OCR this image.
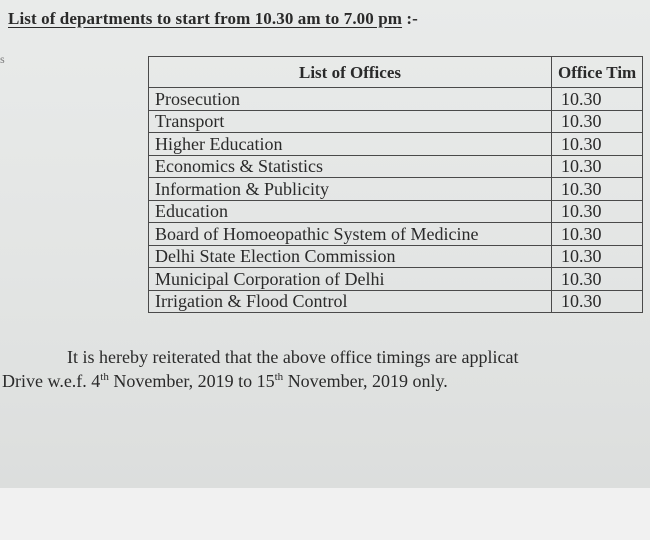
s
List of departments to start from 10.30 am to 7.00 pm :-
List of Offices	Office Tim
Prosecution	10.30
Transport	10.30
Higher Education	10.30
Economics & Statistics	10.30
Information & Publicity	10.30
Education	10.30
Board of Homoeopathic System of Medicine	10.30
Delhi State Election Commission	10.30
Municipal Corporation of Delhi	10.30
Irrigation & Flood Control	10.30
It is hereby reiterated that the above office timings are applicat
Drive w.e.f. 4th November, 2019 to 15th November, 2019 only.
